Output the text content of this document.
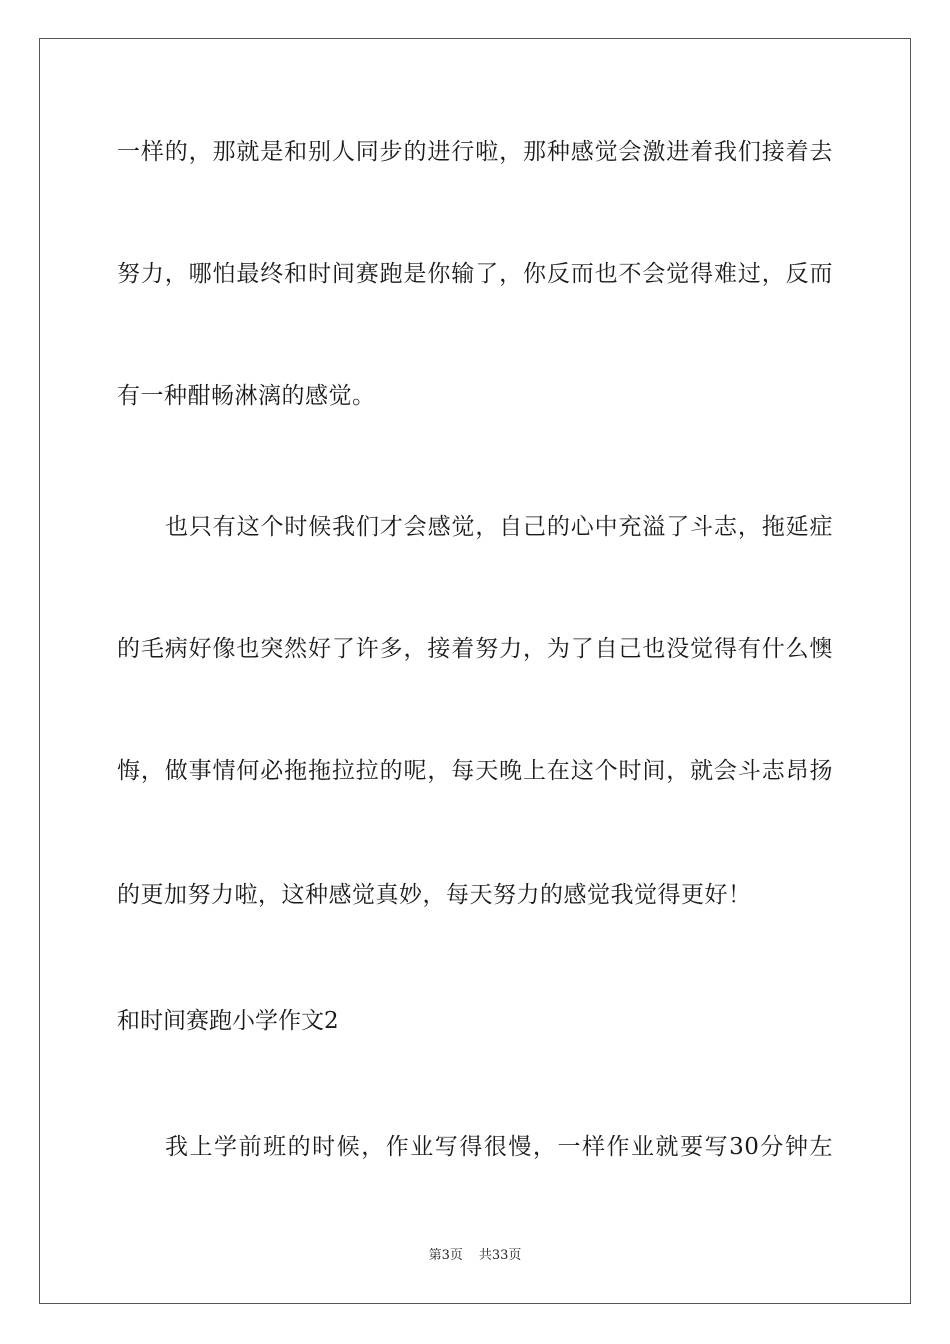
一样的，那就是和别人同步的进行啦，那种感觉会激进着我们接着去
努力，哪怕最终和时间赛跑是你输了，你反而也不会觉得难过，反而
有一种酣畅淋漓的感觉。
也只有这个时候我们才会感觉，自己的心中充溢了斗志，拖延症
的毛病好像也突然好了许多，接着努力，为了自己也没觉得有什么懊
悔，做事情何必拖拖拉拉的呢，每天晚上在这个时间，就会斗志昂扬
的更加努力啦，这种感觉真妙，每天努力的感觉我觉得更好！
和时间赛跑小学作文2
我上学前班的时候，作业写得很慢，一样作业就要写30分钟左
第3页 共33页
